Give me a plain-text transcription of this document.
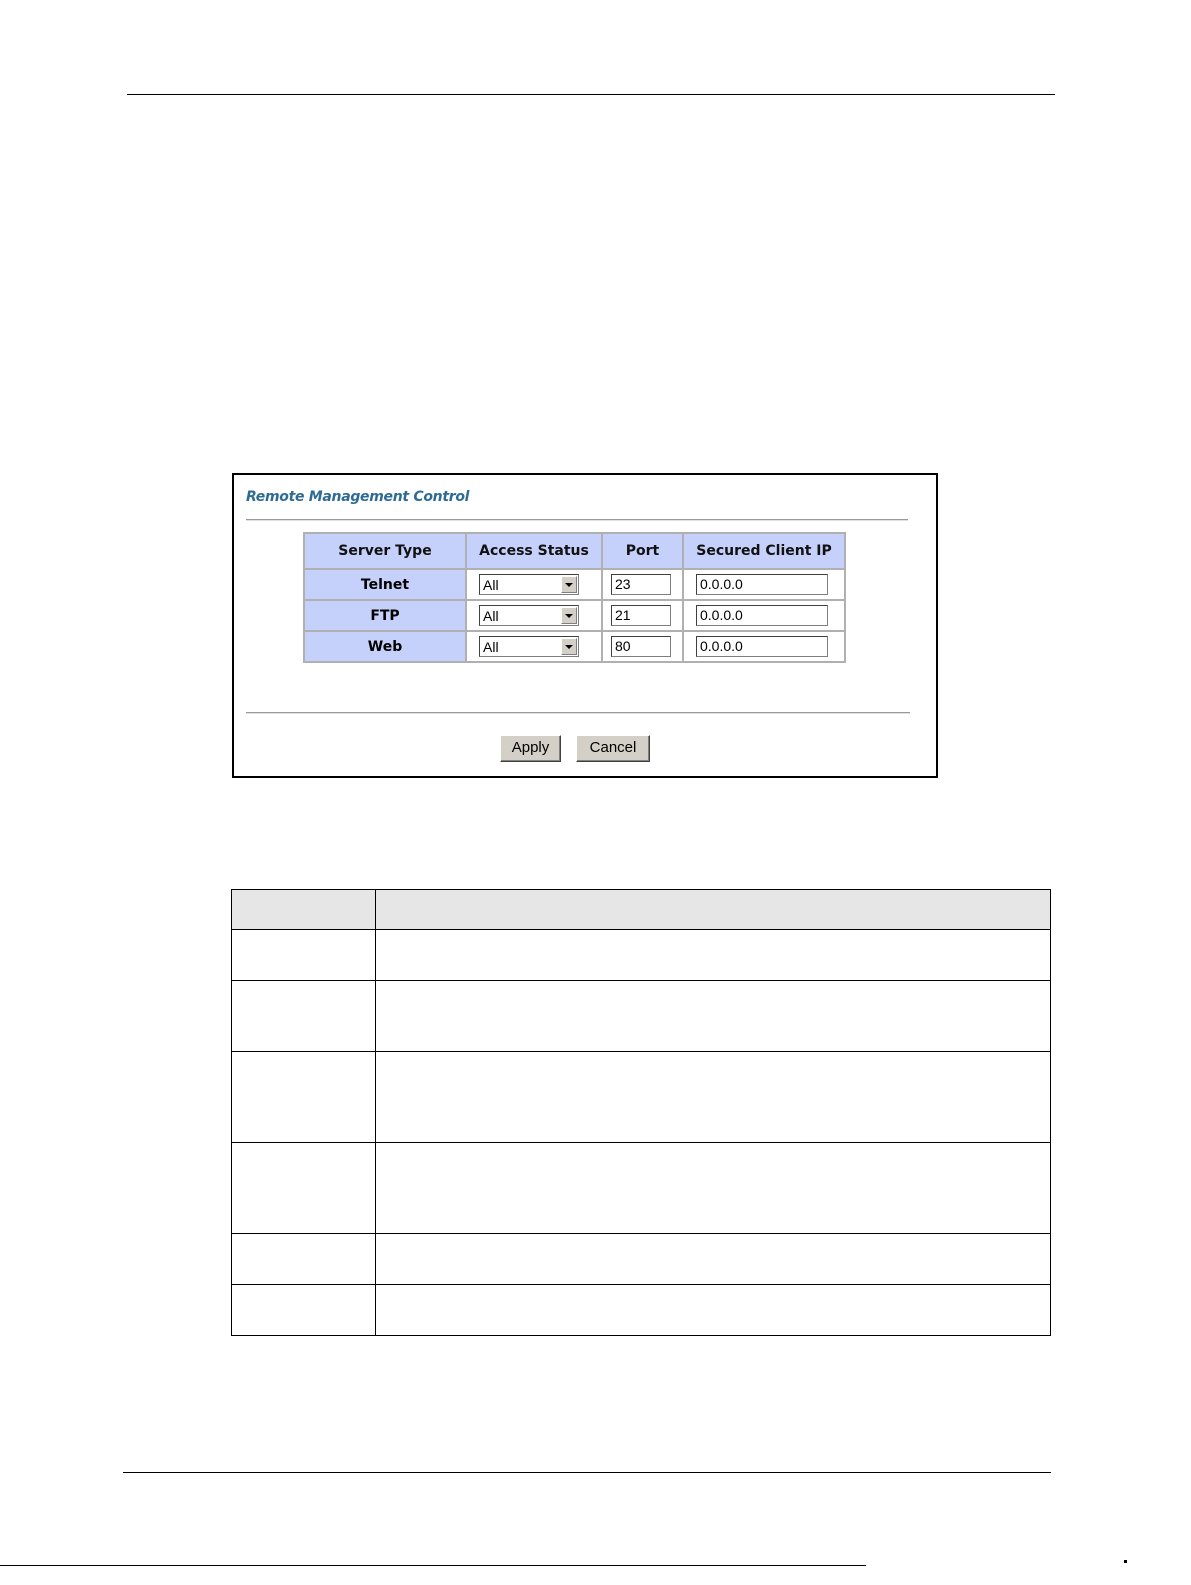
Remote Management Control
Server Type	Access Status	Port	Secured Client IP
Telnet	All	23	0.0.0.0
FTP	All	21	0.0.0.0
Web	All	80	0.0.0.0
Apply	Cancel
